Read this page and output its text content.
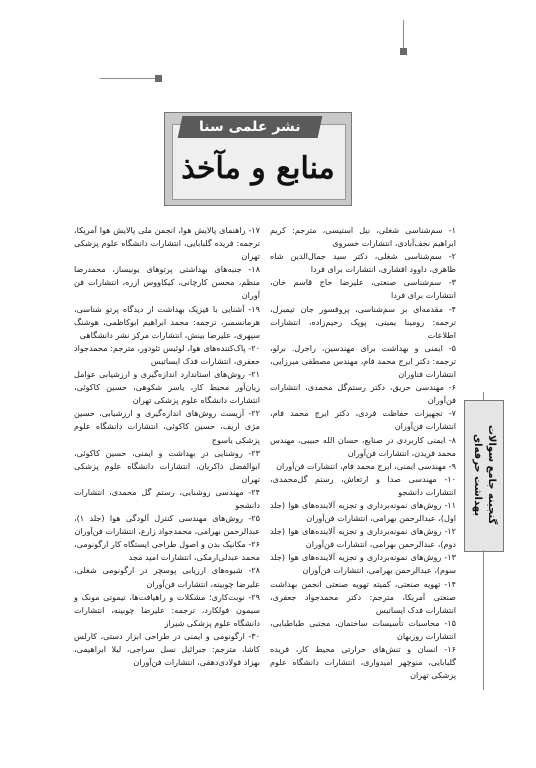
نشر علمی سنا
منابع و مآخذ

۱- سم‌شناسی شغلی، نیل استیسی، مترجم: کریم ابراهیم نجف‌آبادی، انتشارات خسروی

۲- سم‌شناسی شغلی، دکتر سید جمال‌الدین شاه طاهری، داوود افشاری، انتشارات برای فردا

۳- سم‌شناسی صنعتی، علیرضا حاج قاسم خان، انتشارات برای فردا

۴- مقدمه‌ای بر سم‌شناسی، پروفسور جان تیمبرل، ترجمه: رومینا یمینی، پوپک رحیم‌زاده، انتشارات اطلاعات

۵- ایمنی و بهداشت برای مهندسین، راجرل. برلو، ترجمه: دکتر ایرج محمد فام، مهندس مصطفی میرزایی، انتشارات فناوران

۶- مهندسی حریق، دکتر رستم‌گل محمدی، انتشارات فن‌آوران

۷- تجهیزات حفاظت فردی، دکتر ایرج محمد فام، انتشارات فن‌آوران

۸- ایمنی کاربردی در صنایع، حسان الله حبیبی، مهندس محمد فریدن، انتشارات فن‌آوران

۹- مهندسی ایمنی، ایرج محمد فام، انتشارات فن‌آوران

۱۰- مهندسی صدا و ارتعاش، رستم گل‌محمدی، انتشارات دانشجو

۱۱- روش‌های نمونه‌برداری و تجزیه آلاینده‌های هوا (جلد اول)، عبدالرحمن بهرامی، انتشارات فن‌آوران

۱۲- روش‌های نمونه‌برداری و تجزیه آلاینده‌های هوا (جلد دوم)، عبدالرحمن بهرامی، انتشارات فن‌آوران

۱۳- روش‌های نمونه‌برداری و تجزیه آلاینده‌های هوا (جلد سوم)، عبدالرحمن بهرامی، انتشارات فن‌آوران

۱۴- تهویه صنعتی، کمیته تهویه صنعتی انجمن بهداشت صنعتی آمریکا، مترجم: دکتر محمدجواد جعفری، انتشارات فدک ایساتیس

۱۵- محاسبات تأسیسات ساختمان، مجتبی طباطبایی، انتشارات روزبهان

۱۶- انسان و تنش‌های حرارتی محیط کار، فریده گلبابایی، منوچهر امیدواری، انتشارات دانشگاه علوم پزشکی تهران

۱۷- راهنمای پالایش هوا، انجمن ملی پالایش هوا آمریکا، ترجمه: فریده گلبابایی، انتشارات دانشگاه علوم پزشکی تهران

۱۸- جنبه‌های بهداشتی پرتوهای یونیساز، محمدرضا منظم، محسن کارچانی، کیکاووس ازره، انتشارات فن آوران

۱۹- آشنایی با فیزیک بهداشت از دیدگاه پرتو شناسی، هرمانسمبر، ترجمه: محمد ابراهیم ابوکاظمی، هوشنگ سپهری، علیرضا بینش، انتشارات مرکز نشر دانشگاهی

۲۰- پاک‌کننده‌های هوا، لوئیس تئودور، مترجم: محمدجواد جعفری، انتشارات فدک ایساتیس

۲۱- روش‌های استاندارد اندازه‌گیری و ارزشیابی عوامل زیان‌آور محیط کار، یاسر شکوهی، حسین کاکوئی، انتشارات دانشگاه علوم پزشکی تهران

۲۲- آزیست روش‌های اندازه‌گیری و ارزشیابی، حسین مژی اریف، حسین کاکوئی، انتشارات دانشگاه علوم پزشکی یاسوج

۲۳- روشنایی در بهداشت و ایمنی، حسین کاکوئی، ابوالفضل ذاکریان، انتشارات دانشگاه علوم پزشکی تهران

۲۴- مهندسی روشنایی، رستم گل محمدی، انتشارات دانشجو

۲۵- روش‌های مهندسی کنترل آلودگی هوا (جلد ۱)، عبدالرحمن بهرامی، محمدجواد زارع، انتشارات فن‌آوران

۲۶- مکانیک بدن و اصول طراحی ایستگاه کار ارگونومی، محمد عبدلی‌ارمکی، انتشارات امید مجد

۲۸- شیوه‌های ارزیابی پوسچر در ارگونومی شغلی، علیرضا چوبینه، انتشارات فن‌آوران

۲۹- نوبت‌کاری؛ مشکلات و راهیافت‌ها، تیموتی مونک و سیمون فولکارد، ترجمه: علیرضا چوبینه، انتشارات دانشگاه علوم پزشکی شیراز

۳۰- ارگونومی و ایمنی در طراحی ابزار دستی، کارلس کاشا، مترجم: جبرائیل نسل سراجی، لیلا ابراهیمی، بهزاد فولادی‌دهقی، انتشارات فن‌آوران

گنجینه جامع سوالات
بهداشت حرفه‌ای
